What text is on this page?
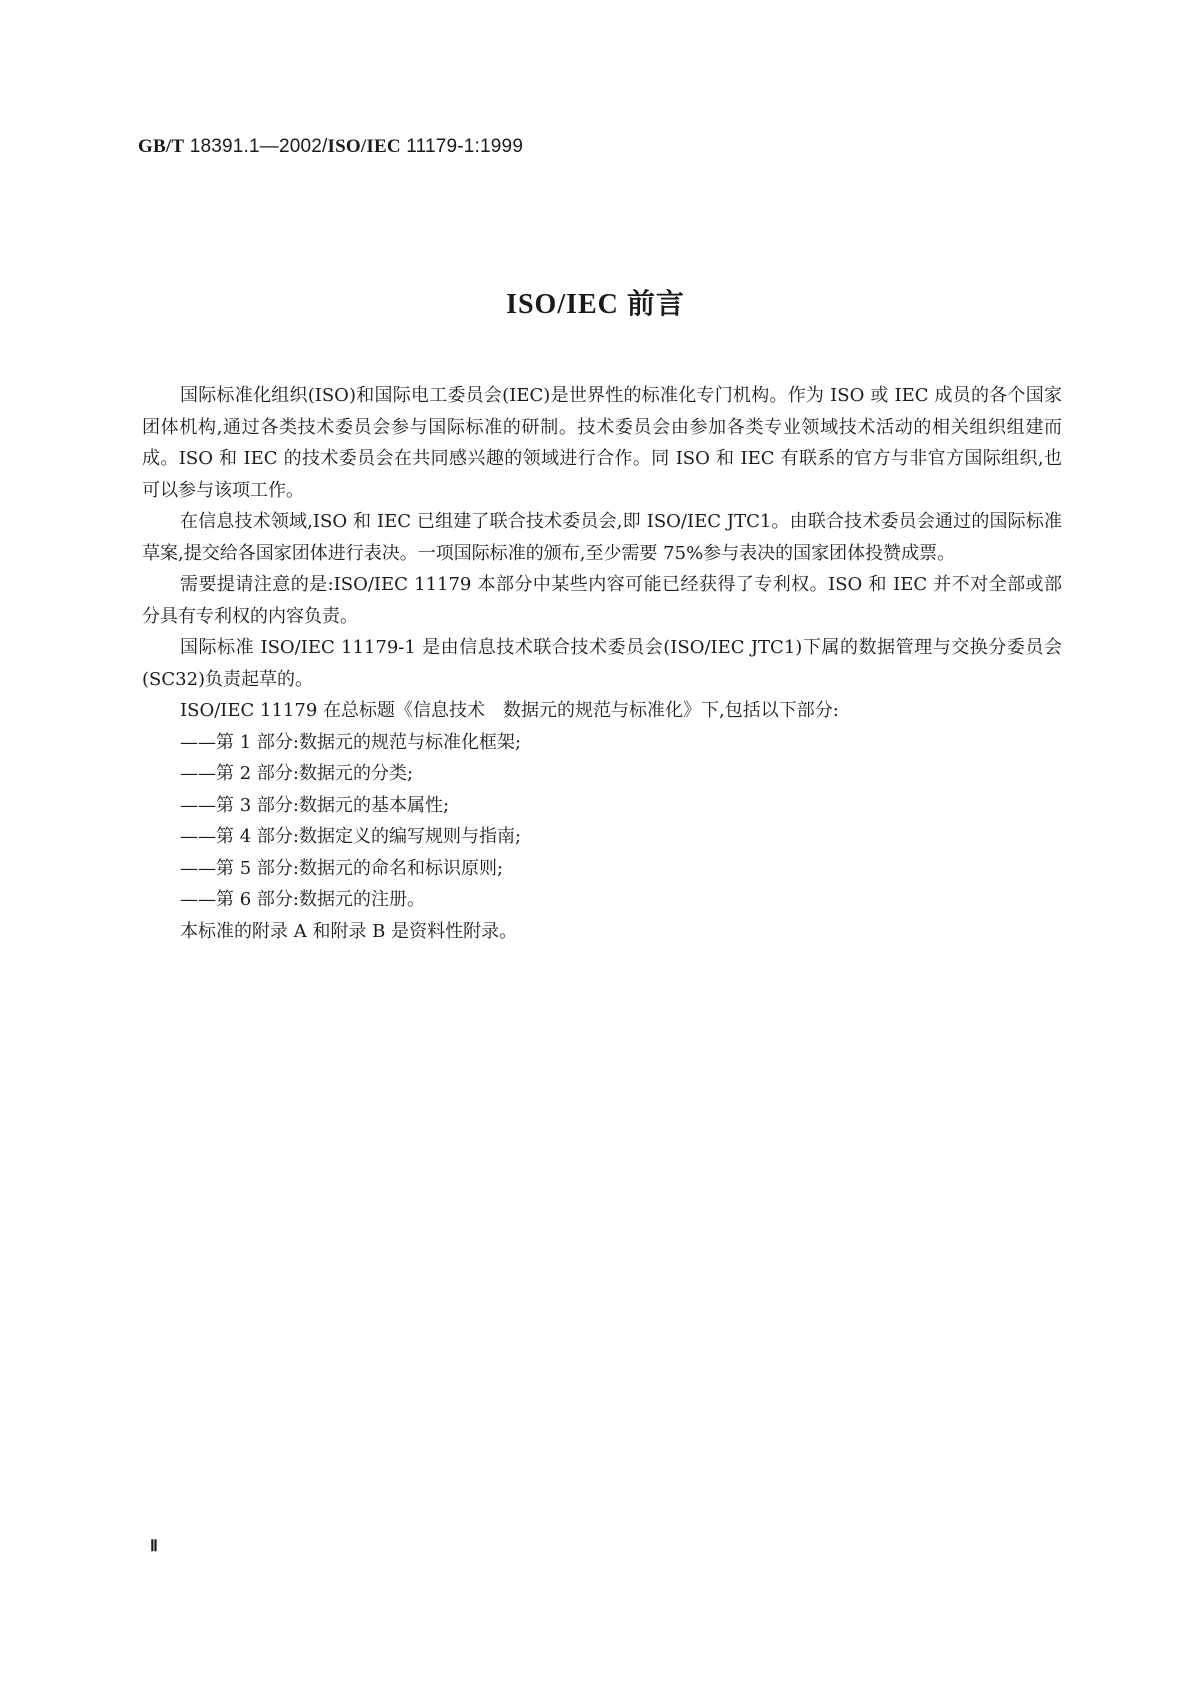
GB/T 18391.1—2002/ISO/IEC 11179-1:1999
ISO/IEC 前言

国际标准化组织(ISO)和国际电工委员会(IEC)是世界性的标准化专门机构。作为 ISO 或 IEC 成员的各个国家团体机构,通过各类技术委员会参与国际标准的研制。技术委员会由参加各类专业领域技术活动的相关组织组建而成。ISO 和 IEC 的技术委员会在共同感兴趣的领域进行合作。同 ISO 和 IEC 有联系的官方与非官方国际组织,也可以参与该项工作。

在信息技术领域,ISO 和 IEC 已组建了联合技术委员会,即 ISO/IEC JTC1。由联合技术委员会通过的国际标准草案,提交给各国家团体进行表决。一项国际标准的颁布,至少需要 75%参与表决的国家团体投赞成票。

需要提请注意的是:ISO/IEC 11179 本部分中某些内容可能已经获得了专利权。ISO 和 IEC 并不对全部或部分具有专利权的内容负责。

国际标准 ISO/IEC 11179-1 是由信息技术联合技术委员会(ISO/IEC JTC1)下属的数据管理与交换分委员会(SC32)负责起草的。

ISO/IEC 11179 在总标题《信息技术　数据元的规范与标准化》下,包括以下部分:

——第 1 部分:数据元的规范与标准化框架;
——第 2 部分:数据元的分类;
——第 3 部分:数据元的基本属性;
——第 4 部分:数据定义的编写规则与指南;
——第 5 部分:数据元的命名和标识原则;
——第 6 部分:数据元的注册。

本标准的附录 A 和附录 B 是资料性附录。

Ⅱ
